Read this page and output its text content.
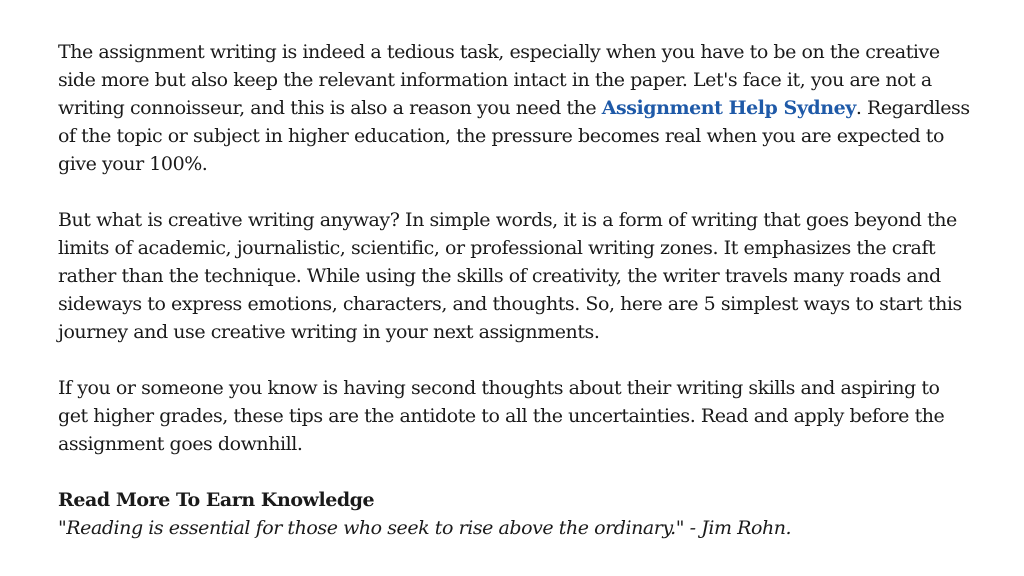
The assignment writing is indeed a tedious task, especially when you have to be on the creative side more but also keep the relevant information intact in the paper. Let's face it, you are not a writing connoisseur, and this is also a reason you need the Assignment Help Sydney. Regardless of the topic or subject in higher education, the pressure becomes real when you are expected to give your 100%.

But what is creative writing anyway? In simple words, it is a form of writing that goes beyond the limits of academic, journalistic, scientific, or professional writing zones. It emphasizes the craft rather than the technique. While using the skills of creativity, the writer travels many roads and sideways to express emotions, characters, and thoughts. So, here are 5 simplest ways to start this journey and use creative writing in your next assignments.

If you or someone you know is having second thoughts about their writing skills and aspiring to get higher grades, these tips are the antidote to all the uncertainties. Read and apply before the assignment goes downhill.

Read More To Earn Knowledge

"Reading is essential for those who seek to rise above the ordinary." - Jim Rohn.
